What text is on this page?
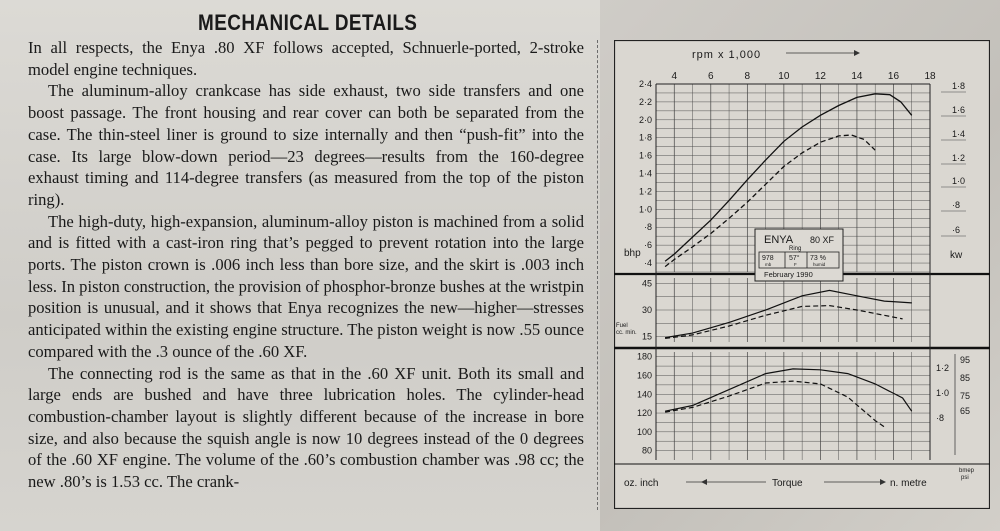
MECHANICAL DETAILS

In all respects, the Enya .80 XF follows accepted, Schnuerle-ported, 2-stroke model engine techniques.

The aluminum-alloy crankcase has side exhaust, two side transfers and one boost passage. The front housing and rear cover can both be separated from the case. The thin-steel liner is ground to size internally and then “push-fit” into the case. Its large blow-down period—23 degrees—results from the 160-degree exhaust timing and 114-degree transfers (as measured from the top of the piston ring).

The high-duty, high-expansion, aluminum-alloy piston is machined from a solid and is fitted with a cast-iron ring that’s pegged to prevent rotation into the large ports. The piston crown is .006 inch less than bore size, and the skirt is .003 inch less. In piston construction, the provision of phosphor-bronze bushes at the wristpin position is unusual, and it shows that Enya recognizes the new—higher—stresses anticipated within the existing engine structure. The piston weight is now .55 ounce compared with the .3 ounce of the .60 XF.

The connecting rod is the same as that in the .60 XF unit. Both its small and large ends are bushed and have three lubrication holes. The cylinder-head combustion-chamber layout is slightly different because of the increase in bore size, and also because the squish angle is now 10 degrees instead of the 0 degrees of the .60 XF engine. The volume of the .60’s combustion chamber was .98 cc; the new .80’s is 1.53 cc. The crank-

rpm x 1,000
4	6	8	10	12	14	16	18
2·4
2·2
2·0
1·8
1·6
1·4
1·2
1·0
·8
·6
·4
1·8
1·6
1·4
1·2
1·0
·8
·6
45
30
15
180
160
140
120
100
80
1·2
1·0
·8
95
85
75
65
bhp	kw
Fuel cc. min.
bmep psi
ENYA 80 XF
Ring
978
mb
57°
F
73 %
humid
February 1990
oz. inch	Torque	n. metre
